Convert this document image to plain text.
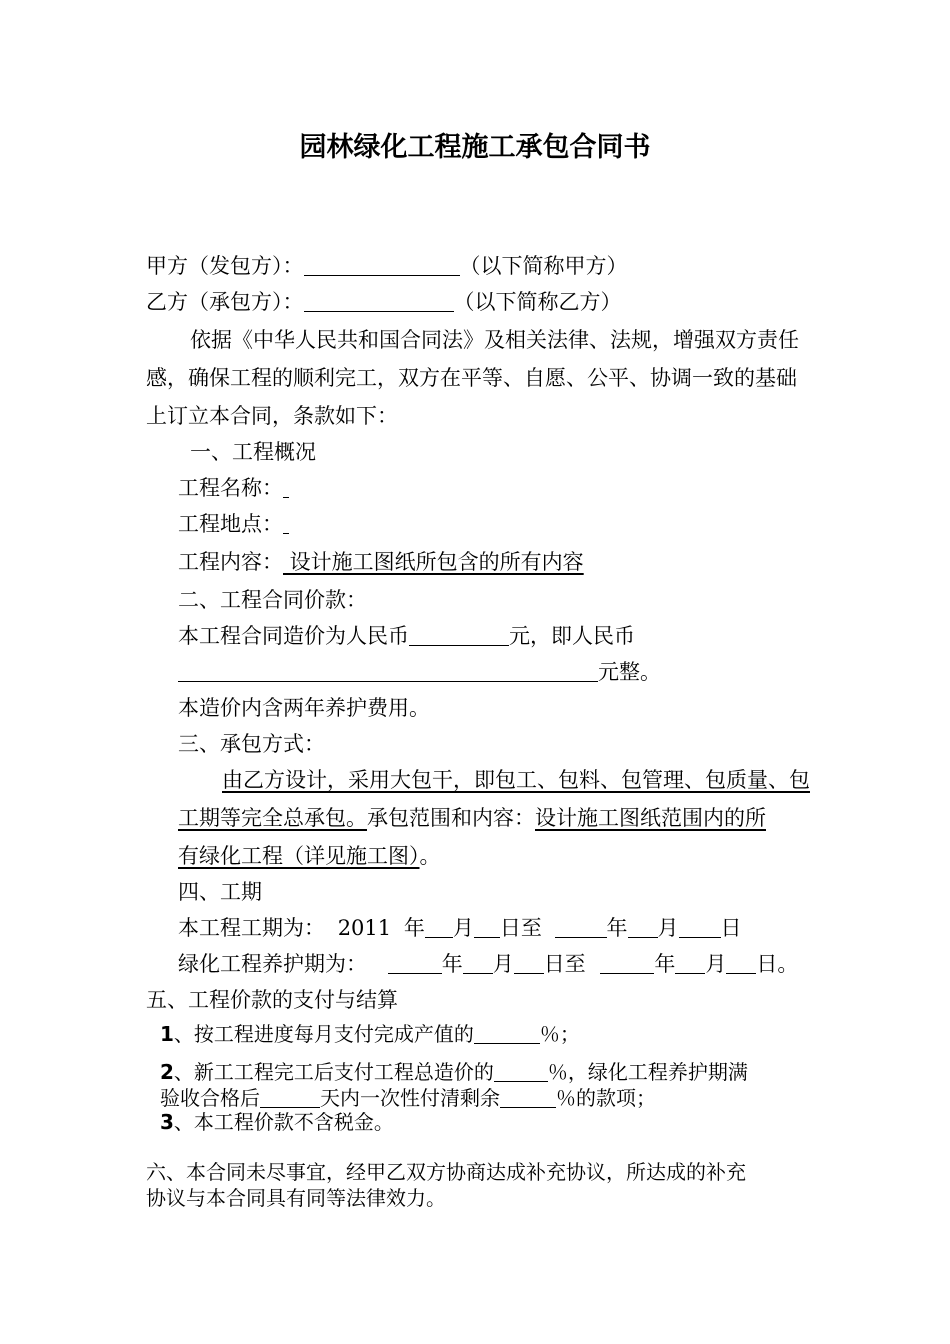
园林绿化工程施工承包合同书
甲方（发包方）：	（以下简称甲方）
乙方（承包方）：	（以下简称乙方）
依据《中华人民共和国合同法》及相关法律、法规，增强双方责任
感，确保工程的顺利完工，双方在平等、自愿、公平、协调一致的基础
上订立本合同，条款如下：
一、工程概况
工程名称：
工程地点：
工程内容： 设计施工图纸所包含的所有内容
二、工程合同价款：
本工程合同造价为人民币	元，即人民币
元整。
本造价内含两年养护费用。
三、承包方式：
由乙方设计，采用大包干，即包工、包料、包管理、包质量、包
工期等完全总承包。承包范围和内容：设计施工图纸范围内的所
有绿化工程（详见施工图）。
四、工期
本工程工期为： 2011 年 月 日至	年 月 日
绿化工程养护期为：	年 月 日至	年 月 日。
五、工程价款的支付与结算
1、按工程进度每月支付完成产值的	％；
2、新工工程完工后支付工程总造价的	％，绿化工程养护期满
验收合格后	天内一次性付清剩余	％的款项；
3、本工程价款不含税金。
六、本合同未尽事宜，经甲乙双方协商达成补充协议，所达成的补充
协议与本合同具有同等法律效力。
